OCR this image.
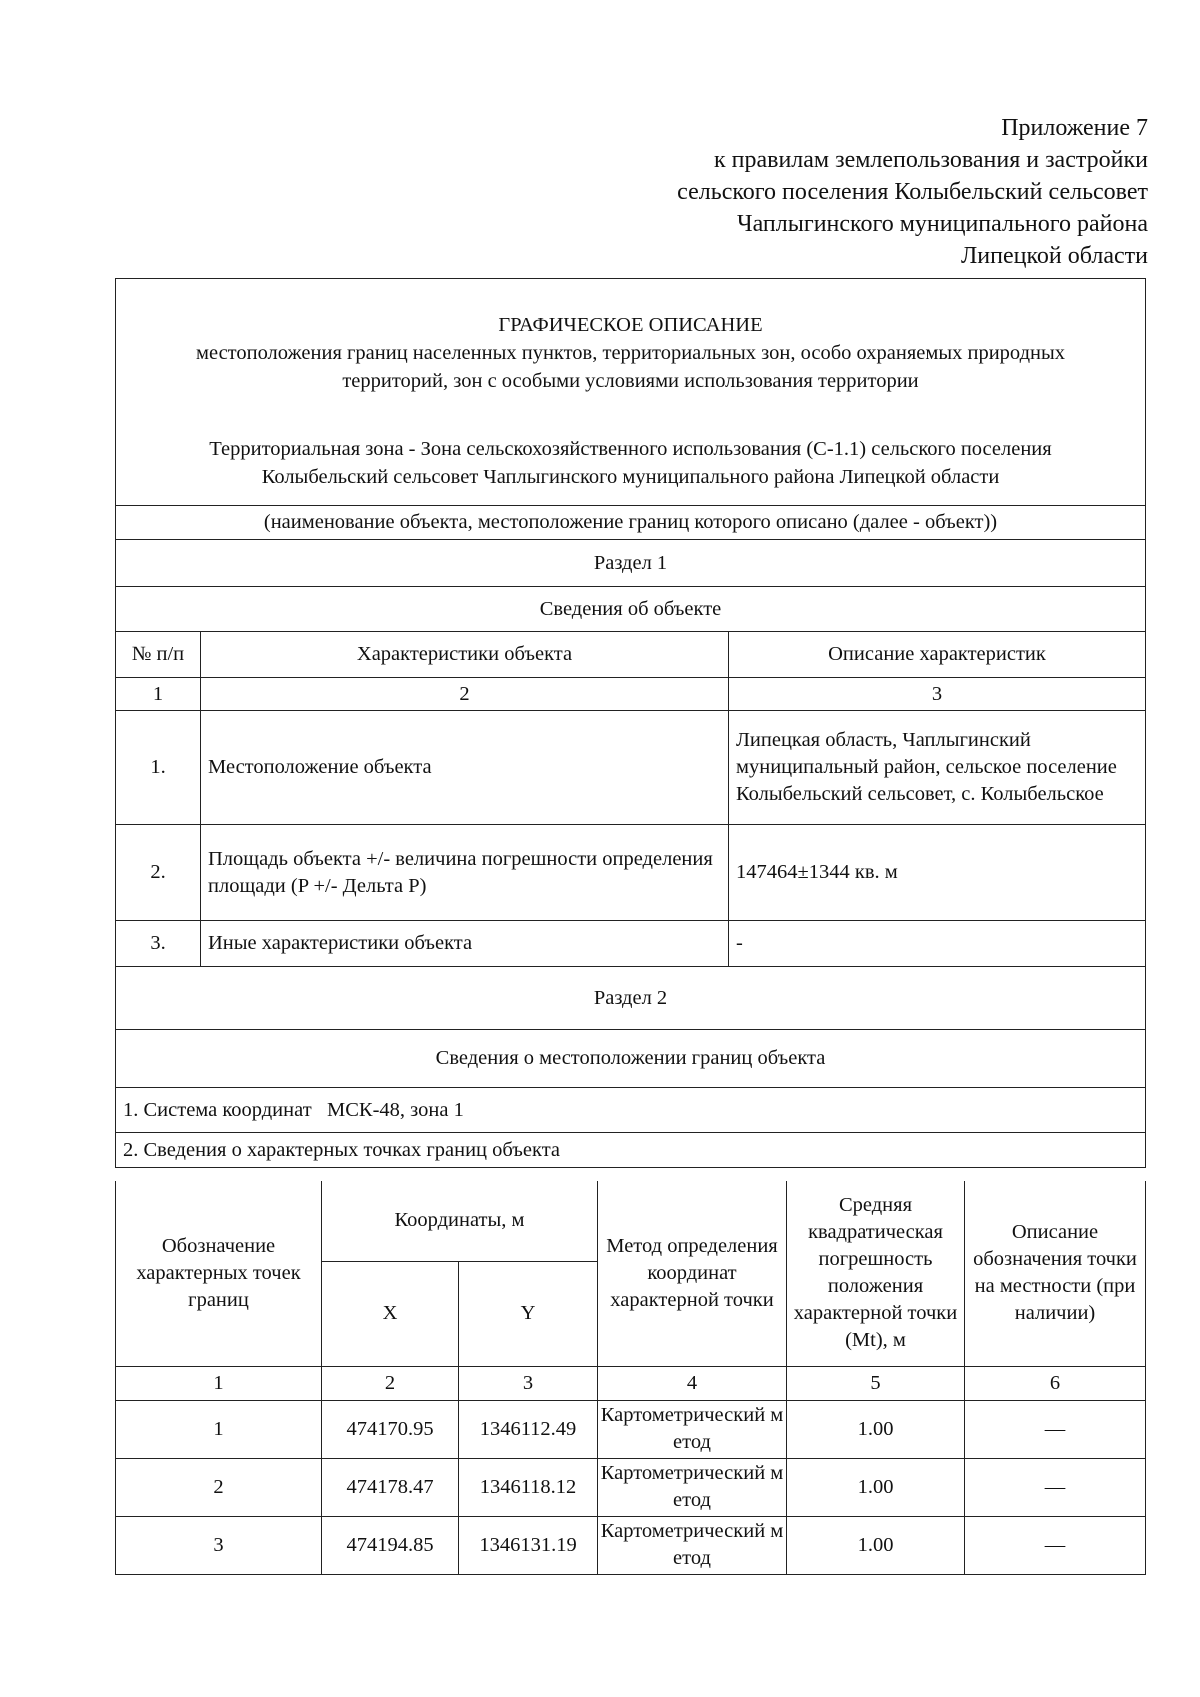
Приложение 7
к правилам землепользования и застройки
сельского поселения Колыбельский сельсовет
Чаплыгинского муниципального района
Липецкой области
ГРАФИЧЕСКОЕ ОПИСАНИЕ
местоположения границ населенных пунктов, территориальных зон, особо охраняемых природных
территорий, зон с особыми условиями использования территории
Территориальная зона - Зона сельскохозяйственного использования (С-1.1) сельского поселения
Колыбельский сельсовет Чаплыгинского муниципального района Липецкой области		

(наименование объекта, местоположение границ которого описано (далее - объект))		
Раздел 1		
Сведения об объекте		
№ п/п	Характеристики объекта	Описание характеристик
1	2	3
1.	Местоположение объекта	Липецкая область, Чаплыгинский муниципальный район, сельское поселение Колыбельский сельсовет, с. Колыбельское
2.	Площадь объекта +/- величина погрешности определения площади (P +/- Дельта P)	147464±1344 кв. м
3.	Иные характеристики объекта	-
Раздел 2		
Сведения о местоположении границ объекта		
1. Система координат   МСК-48, зона 1		
2. Сведения о характерных точках границ объекта		
Обозначение характерных точек границ	Координаты, м		Метод определения координат характерной точки	Средняя квадратическая погрешность положения характерной точки (Mt), м	Описание обозначения точки на местности (при наличии)
	X	Y			
1	2	3	4	5	6
1	474170.95	1346112.49	Картометрический метод	1.00	—
2	474178.47	1346118.12	Картометрический метод	1.00	—
3	474194.85	1346131.19	Картометрический метод	1.00	—
